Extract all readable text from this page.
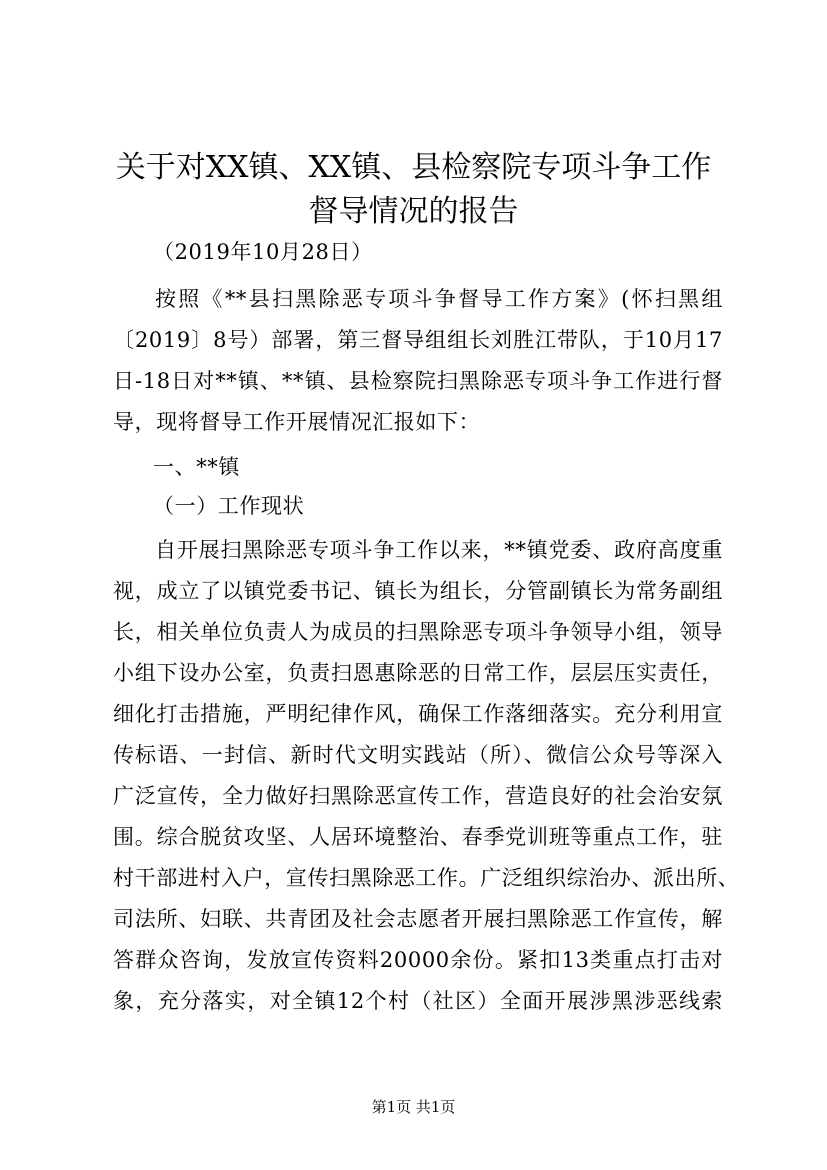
关于对XX镇、XX镇、县检察院专项斗争工作
督导情况的报告
（2019年10月28日）
按照《**县扫黑除恶专项斗争督导工作方案》(怀扫黑组
〔2019〕8号）部署，第三督导组组长刘胜江带队，于10月17
日-18日对**镇、**镇、县检察院扫黑除恶专项斗争工作进行督
导，现将督导工作开展情况汇报如下：
一、**镇
（一）工作现状
自开展扫黑除恶专项斗争工作以来，**镇党委、政府高度重
视，成立了以镇党委书记、镇长为组长，分管副镇长为常务副组
长，相关单位负责人为成员的扫黑除恶专项斗争领导小组，领导
小组下设办公室，负责扫恩惠除恶的日常工作，层层压实责任，
细化打击措施，严明纪律作风，确保工作落细落实。充分利用宣
传标语、一封信、新时代文明实践站（所）、微信公众号等深入
广泛宣传，全力做好扫黑除恶宣传工作，营造良好的社会治安氛
围。综合脱贫攻坚、人居环境整治、春季党训班等重点工作，驻
村干部进村入户，宣传扫黑除恶工作。广泛组织综治办、派出所、
司法所、妇联、共青团及社会志愿者开展扫黑除恶工作宣传，解
答群众咨询，发放宣传资料20000余份。紧扣13类重点打击对
象，充分落实，对全镇12个村（社区）全面开展涉黑涉恶线索
第1页 共1页
